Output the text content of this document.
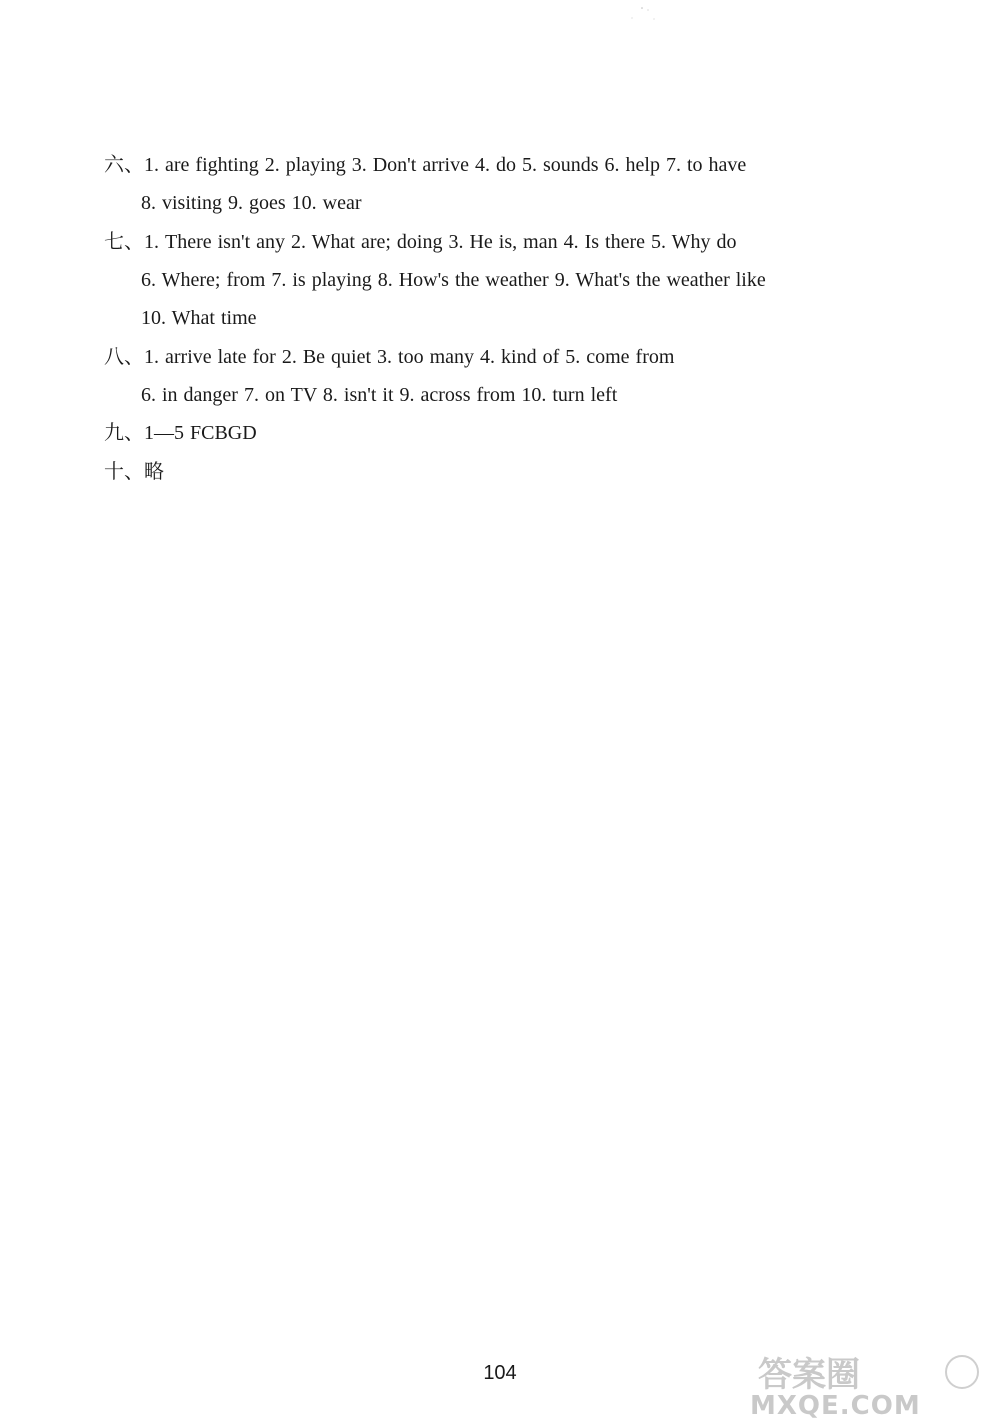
六、1. are fighting 2. playing 3. Don't arrive 4. do 5. sounds 6. help 7. to have
8. visiting 9. goes 10. wear
七、1. There isn't any 2. What are; doing 3. He is, man 4. Is there 5. Why do
6. Where; from 7. is playing 8. How's the weather 9. What's the weather like
10. What time
八、1. arrive late for 2. Be quiet 3. too many 4. kind of 5. come from
6. in danger 7. on TV 8. isn't it 9. across from 10. turn left
九、1—5 FCBGD
十、略
104	答案圈
MXQE.COM
